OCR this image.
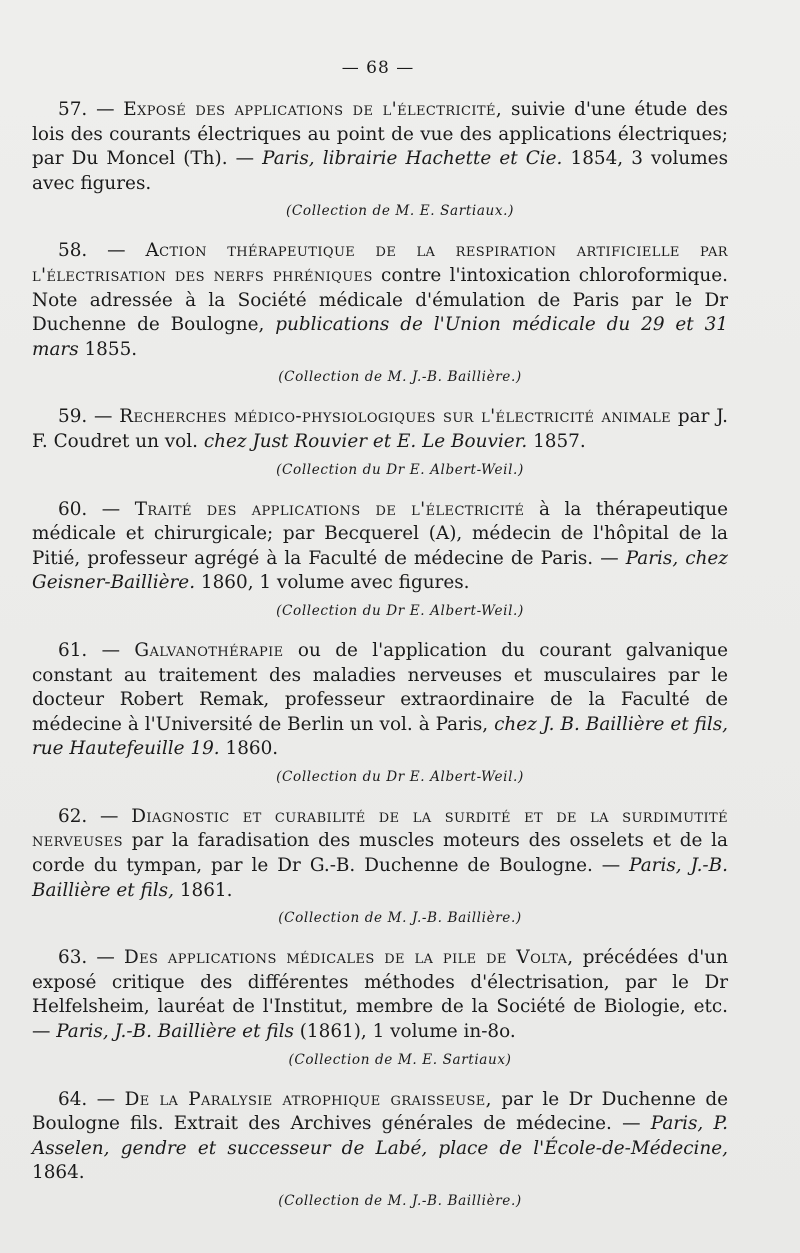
— 68 —

57. — Exposé des applications de l'électricité, suivie d'une étude des lois des courants électriques au point de vue des applications électriques; par Du Moncel (Th). — Paris, librairie Hachette et Cie. 1854, 3 volumes avec figures.

(Collection de M. E. Sartiaux.)

58. — Action thérapeutique de la respiration artificielle par l'électrisation des nerfs phréniques contre l'intoxication chloroformique. Note adressée à la Société médicale d'émulation de Paris par le Dr Duchenne de Boulogne, publications de l'Union médicale du 29 et 31 mars 1855.

(Collection de M. J.-B. Baillière.)

59. — Recherches médico-physiologiques sur l'électricité animale par J. F. Coudret un vol. chez Just Rouvier et E. Le Bouvier. 1857.

(Collection du Dr E. Albert-Weil.)

60. — Traité des applications de l'électricité à la thérapeutique médicale et chirurgicale; par Becquerel (A), médecin de l'hôpital de la Pitié, professeur agrégé à la Faculté de médecine de Paris. — Paris, chez Geisner-Baillière. 1860, 1 volume avec figures.

(Collection du Dr E. Albert-Weil.)

61. — Galvanothérapie ou de l'application du courant galvanique constant au traitement des maladies nerveuses et musculaires par le docteur Robert Remak, professeur extraordinaire de la Faculté de médecine à l'Université de Berlin un vol. à Paris, chez J. B. Baillière et fils, rue Hautefeuille 19. 1860.

(Collection du Dr E. Albert-Weil.)

62. — Diagnostic et curabilité de la surdité et de la surdimutité nerveuses par la faradisation des muscles moteurs des osselets et de la corde du tympan, par le Dr G.-B. Duchenne de Boulogne. — Paris, J.-B. Baillière et fils, 1861.

(Collection de M. J.-B. Baillière.)

63. — Des applications médicales de la pile de Volta, précédées d'un exposé critique des différentes méthodes d'électrisation, par le Dr Helfelsheim, lauréat de l'Institut, membre de la Société de Biologie, etc. — Paris, J.-B. Baillière et fils (1861), 1 volume in-8o.

(Collection de M. E. Sartiaux)

64. — De la Paralysie atrophique graisseuse, par le Dr Duchenne de Boulogne fils. Extrait des Archives générales de médecine. — Paris, P. Asselen, gendre et successeur de Labé, place de l'École-de-Médecine, 1864.

(Collection de M. J.-B. Baillière.)
